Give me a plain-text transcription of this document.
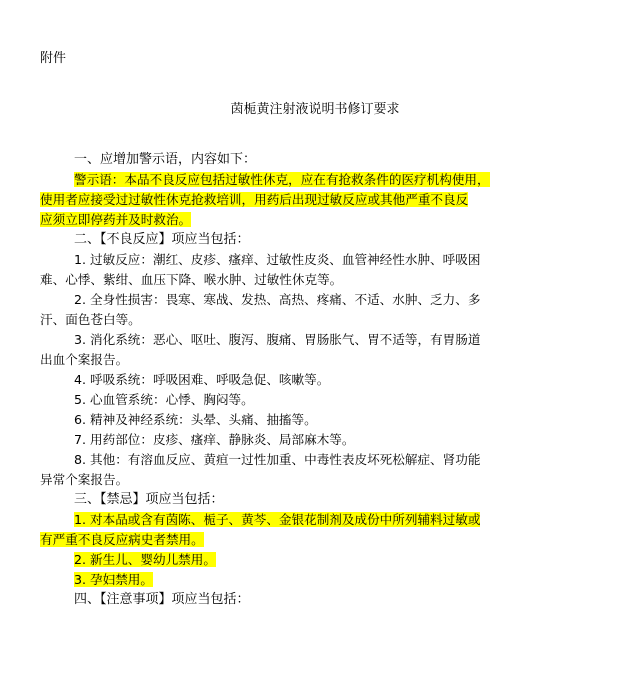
附件
茵栀黄注射液说明书修订要求
一、应增加警示语，内容如下：
警示语：本品不良反应包括过敏性休克，应在有抢救条件的医疗机构使用，
使用者应接受过过敏性休克抢救培训，用药后出现过敏反应或其他严重不良反
应须立即停药并及时救治。
二、【不良反应】项应当包括：
1. 过敏反应：潮红、皮疹、瘙痒、过敏性皮炎、血管神经性水肿、呼吸困
难、心悸、紫绀、血压下降、喉水肿、过敏性休克等。
2. 全身性损害：畏寒、寒战、发热、高热、疼痛、不适、水肿、乏力、多
汗、面色苍白等。
3. 消化系统：恶心、呕吐、腹泻、腹痛、胃肠胀气、胃不适等，有胃肠道
出血个案报告。
4. 呼吸系统：呼吸困难、呼吸急促、咳嗽等。
5. 心血管系统：心悸、胸闷等。
6. 精神及神经系统：头晕、头痛、抽搐等。
7. 用药部位：皮疹、瘙痒、静脉炎、局部麻木等。
8. 其他：有溶血反应、黄疸一过性加重、中毒性表皮坏死松解症、肾功能
异常个案报告。
三、【禁忌】项应当包括：
1. 对本品或含有茵陈、栀子、黄芩、金银花制剂及成份中所列辅料过敏或
有严重不良反应病史者禁用。
2. 新生儿、婴幼儿禁用。
3. 孕妇禁用。
四、【注意事项】项应当包括：
